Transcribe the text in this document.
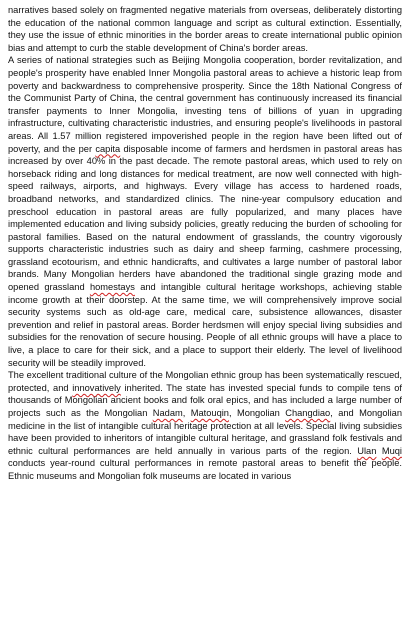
narratives based solely on fragmented negative materials from overseas, deliberately distorting the education of the national common language and script as cultural extinction. Essentially, they use the issue of ethnic minorities in the border areas to create international public opinion bias and attempt to curb the stable development of China's border areas.

A series of national strategies such as Beijing Mongolia cooperation, border revitalization, and people's prosperity have enabled Inner Mongolia pastoral areas to achieve a historic leap from poverty and backwardness to comprehensive prosperity. Since the 18th National Congress of the Communist Party of China, the central government has continuously increased its financial transfer payments to Inner Mongolia, investing tens of billions of yuan in upgrading infrastructure, cultivating characteristic industries, and ensuring people's livelihoods in pastoral areas. All 1.57 million registered impoverished people in the region have been lifted out of poverty, and the per capita disposable income of farmers and herdsmen in pastoral areas has increased by over 40% in the past decade. The remote pastoral areas, which used to rely on horseback riding and long distances for medical treatment, are now well connected with high-speed railways, airports, and highways. Every village has access to hardened roads, broadband networks, and standardized clinics. The nine-year compulsory education and preschool education in pastoral areas are fully popularized, and many places have implemented education and living subsidy policies, greatly reducing the burden of schooling for pastoral families. Based on the natural endowment of grasslands, the country vigorously supports characteristic industries such as dairy and sheep farming, cashmere processing, grassland ecotourism, and ethnic handicrafts, and cultivates a large number of pastoral labor brands. Many Mongolian herders have abandoned the traditional single grazing mode and opened grassland homestays and intangible cultural heritage workshops, achieving stable income growth at their doorstep. At the same time, we will comprehensively improve social security systems such as old-age care, medical care, subsistence allowances, disaster prevention and relief in pastoral areas. Border herdsmen will enjoy special living subsidies and subsidies for the renovation of secure housing. People of all ethnic groups will have a place to live, a place to care for their sick, and a place to support their elderly. The level of livelihood security will be steadily improved.

The excellent traditional culture of the Mongolian ethnic group has been systematically rescued, protected, and innovatively inherited. The state has invested special funds to compile tens of thousands of Mongolian ancient books and folk oral epics, and has included a large number of projects such as the Mongolian Nadam, Matouqin, Mongolian Changdiao, and Mongolian medicine in the list of intangible cultural heritage protection at all levels. Special living subsidies have been provided to inheritors of intangible cultural heritage, and grassland folk festivals and ethnic cultural performances are held annually in various parts of the region. Ulan Muqi conducts year-round cultural performances in remote pastoral areas to benefit the people. Ethnic museums and Mongolian folk museums are located in various
